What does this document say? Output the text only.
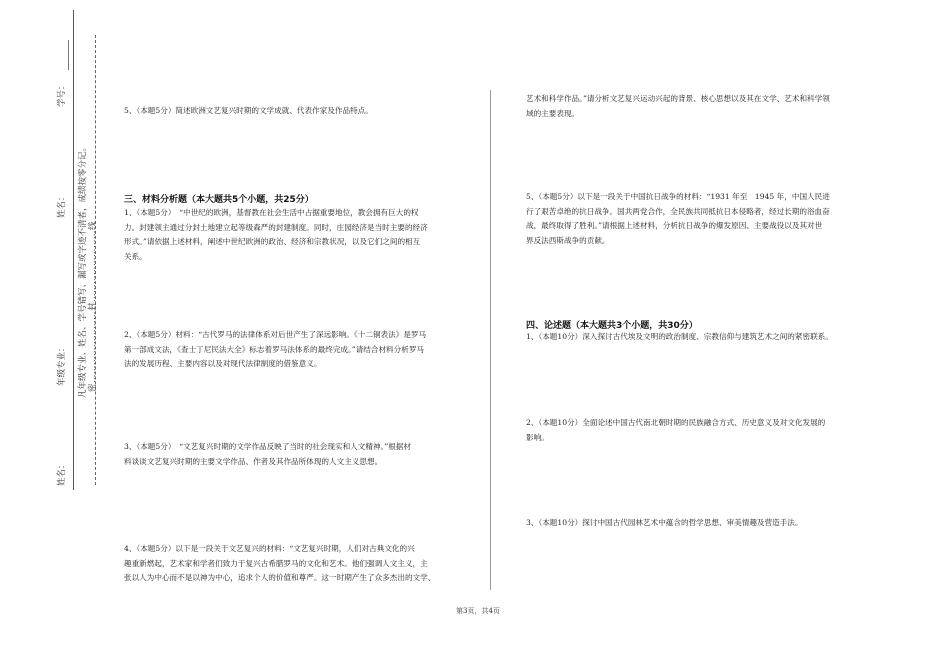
学号：
姓名：
年级专业：
姓名：
密……………………封……………………线
凡年级专业、姓名、学号错写、漏写或字迹不清者，成绩按零分记。
5、（本题5分）简述欧洲文艺复兴时期的文学成就、代表作家及作品特点。
三、材料分析题（本大题共5个小题，共25分）
1、（本题5分）　“中世纪的欧洲，基督教在社会生活中占据重要地位，教会拥有巨大的权
力。封建领主通过分封土地建立起等级森严的封建制度。同时，庄园经济是当时主要的经济
形式。”请依据上述材料，阐述中世纪欧洲的政治、经济和宗教状况，以及它们之间的相互
关系。
2、（本题5分）材料：“古代罗马的法律体系对后世产生了深远影响。《十二铜表法》是罗马
第一部成文法，《查士丁尼民法大全》标志着罗马法体系的最终完成。”请结合材料分析罗马
法的发展历程、主要内容以及对现代法律制度的借鉴意义。
3、（本题5分）　“文艺复兴时期的文学作品反映了当时的社会现实和人文精神。”根据材
料谈谈文艺复兴时期的主要文学作品、作者及其作品所体现的人文主义思想。
4、（本题5分）以下是一段关于文艺复兴的材料：“文艺复兴时期，人们对古典文化的兴
趣重新燃起，艺术家和学者们致力于复兴古希腊罗马的文化和艺术。他们强调人文主义，主
张以人为中心而不是以神为中心，追求个人的价值和尊严。这一时期产生了众多杰出的文学、
艺术和科学作品。”请分析文艺复兴运动兴起的背景、核心思想以及其在文学、艺术和科学领
域的主要表现。
5、（本题5分）以下是一段关于中国抗日战争的材料：“1931 年至　1945 年，中国人民进
行了艰苦卓绝的抗日战争。国共两党合作，全民族共同抵抗日本侵略者，经过长期的浴血奋
战，最终取得了胜利。”请根据上述材料，分析抗日战争的爆发原因、主要战役以及其对世
界反法西斯战争的贡献。
四、论述题（本大题共3个小题，共30分）
1、（本题10分）深入探讨古代埃及文明的政治制度、宗教信仰与建筑艺术之间的紧密联系。
2、（本题10分）全面论述中国古代南北朝时期的民族融合方式、历史意义及对文化发展的
影响。
3、（本题10分）探讨中国古代园林艺术中蕴含的哲学思想、审美情趣及营造手法。
第3页，共4页
